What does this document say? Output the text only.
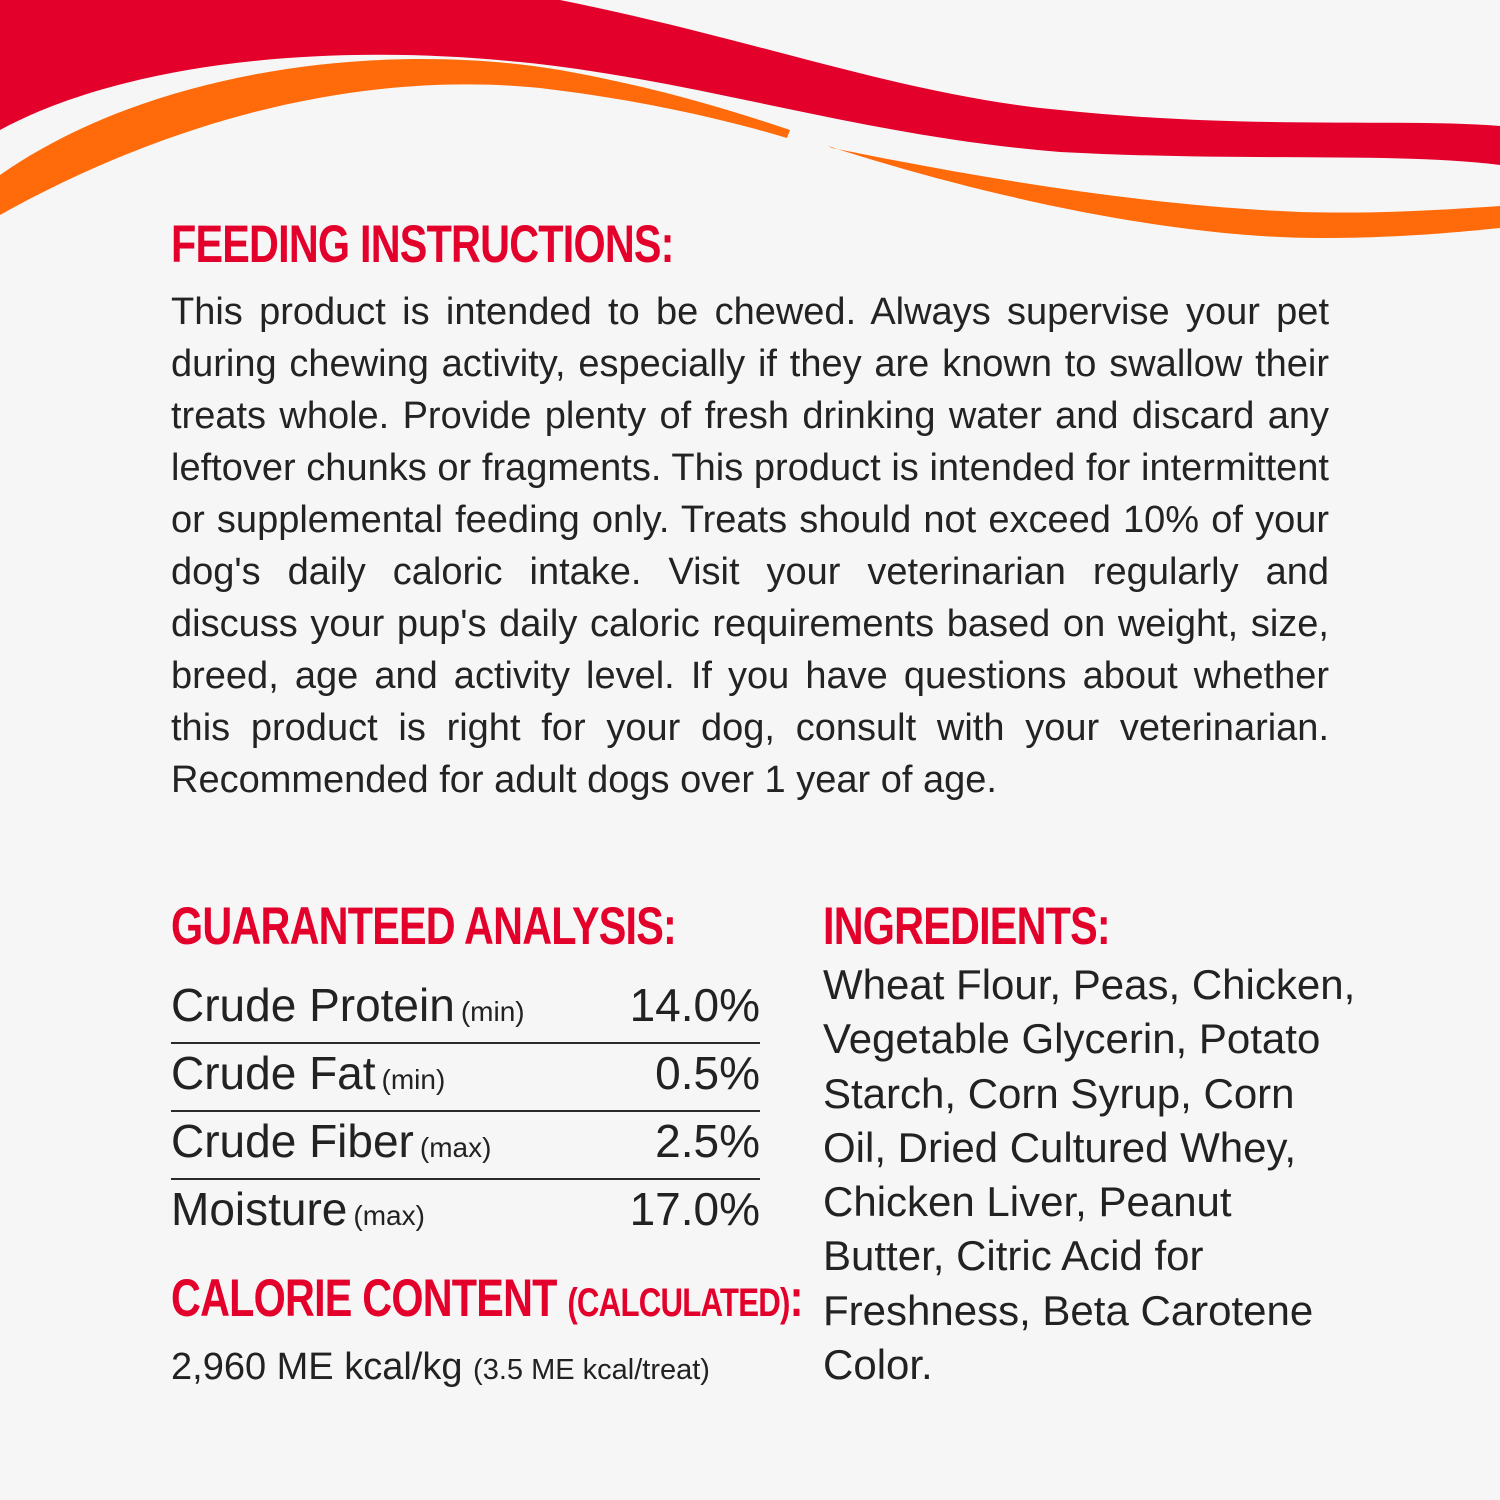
FEEDING INSTRUCTIONS:

This product is intended to be chewed. Always supervise your pet during chewing activity, especially if they are known to swallow their treats whole. Provide plenty of fresh drinking water and discard any leftover chunks or fragments. This product is intended for intermittent or supplemental feeding only. Treats should not exceed 10% of your dog's daily caloric intake. Visit your veterinarian regularly and discuss your pup's daily caloric requirements based on weight, size, breed, age and activity level. If you have questions about whether this product is right for your dog, consult with your veterinarian. Recommended for adult dogs over 1 year of age.

GUARANTEED ANALYSIS:
Crude Protein (min) 14.0%
Crude Fat (min)	0.5%
Crude Fiber (max)	2.5%
Moisture (max)	17.0%
CALORIE CONTENT (CALCULATED):
2,960 ME kcal/kg (3.5 ME kcal/treat)
INGREDIENTS:

Wheat Flour, Peas, Chicken, Vegetable Glycerin, Potato Starch, Corn Syrup, Corn Oil, Dried Cultured Whey, Chicken Liver, Peanut Butter, Citric Acid for Freshness, Beta Carotene Color.
